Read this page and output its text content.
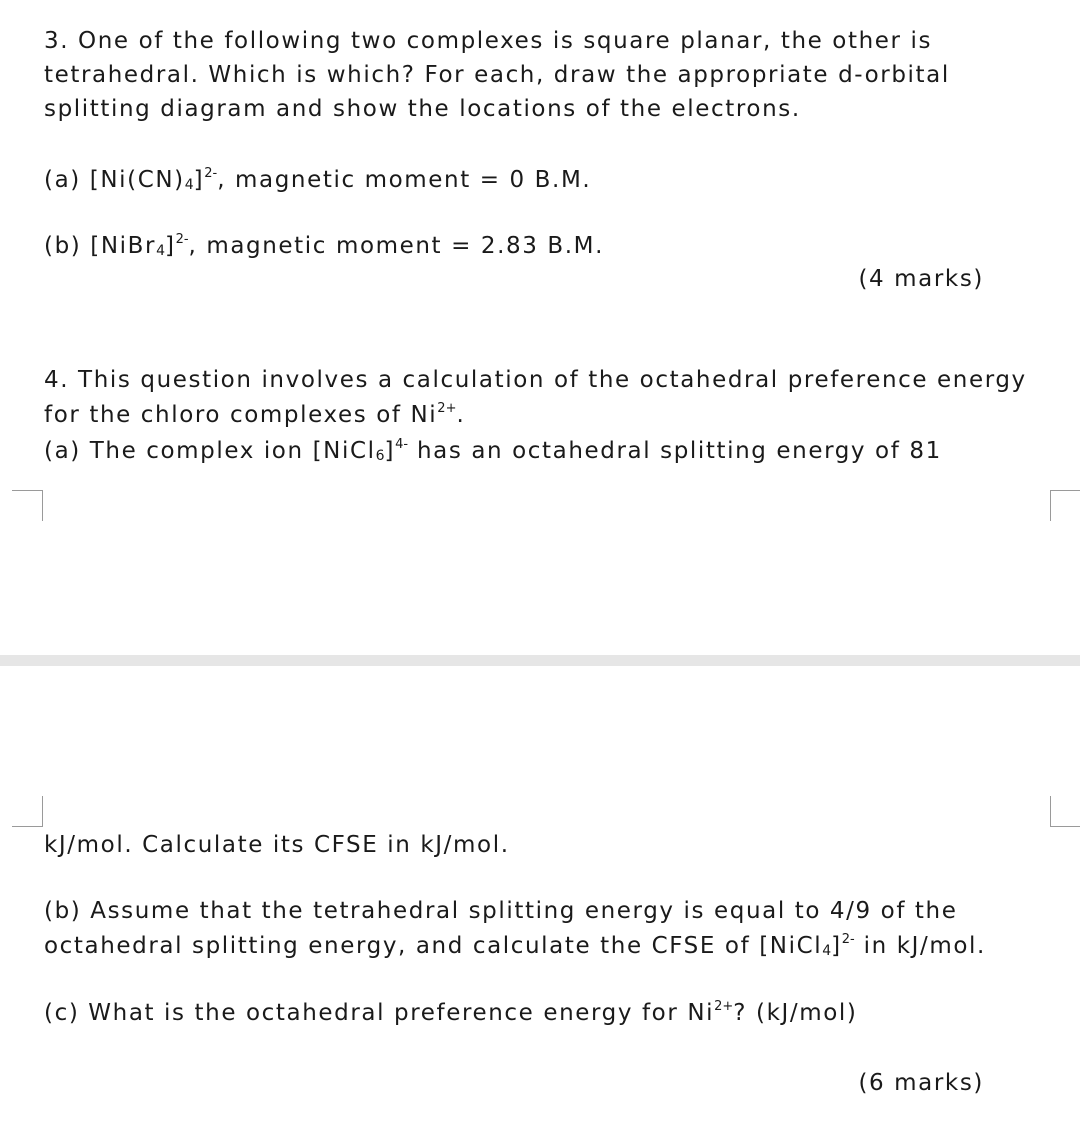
3. One of the following two complexes is square planar, the other is
tetrahedral. Which is which? For each, draw the appropriate d-orbital
splitting diagram and show the locations of the electrons.
(a) $[Ni(CN)4]^{2-}$, magnetic moment = 0 B.M.
(b) [NiBr4]$^{2-}$, magnetic moment = 2.83 B.M.
(4 marks)
4. This question involves a calculation of the octahedral preference energy
for the chloro complexes of $Ni^{2+}$.
(a) The complex ion [NiCl6]$^{4-}$ has an octahedral splitting energy of 81
kJ/mol. Calculate its CFSE in kJ/mol.
(b) Assume that the tetrahedral splitting energy is equal to 4/9 of the
octahedral splitting energy, and calculate the CFSE of [NiCl4]$^{2-}$ in kJ/mol.
(c) What is the octahedral preference energy for $Ni^{2+}$? (kJ/mol)
(6 marks)
